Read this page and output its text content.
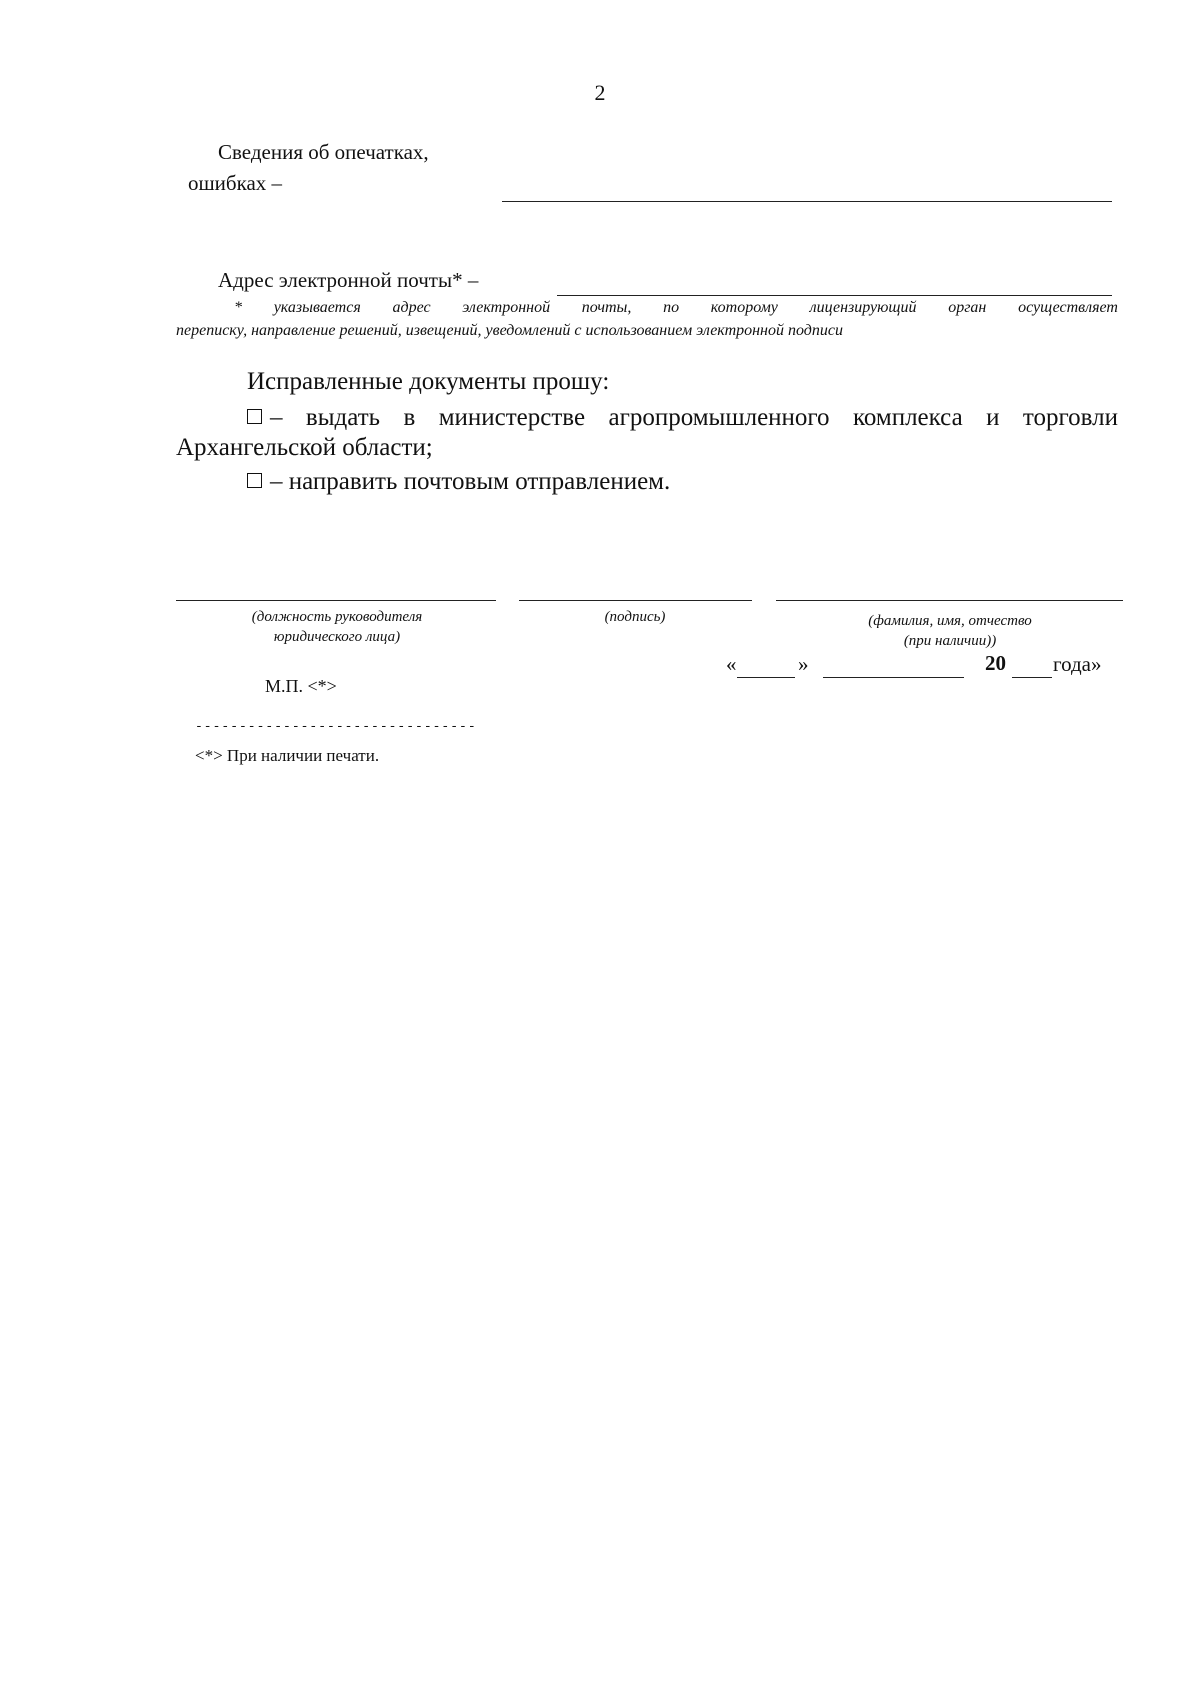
2
Сведения об опечатках,
ошибках –
Адрес электронной почты* –
* указывается адрес электронной почты, по которому лицензирующий орган осуществляет
переписку, направление решений, извещений, уведомлений с использованием электронной подписи
Исправленные документы прошу:
– выдать в министерстве агропромышленного комплекса и торговли
Архангельской области;
– направить почтовым отправлением.
(должность руководителя
юридического лица)
(подпись)	(фамилия, имя, отчество
(при наличии))
«	»	20 года»
М.П. <*>
--------------------------------
<*> При наличии печати.
